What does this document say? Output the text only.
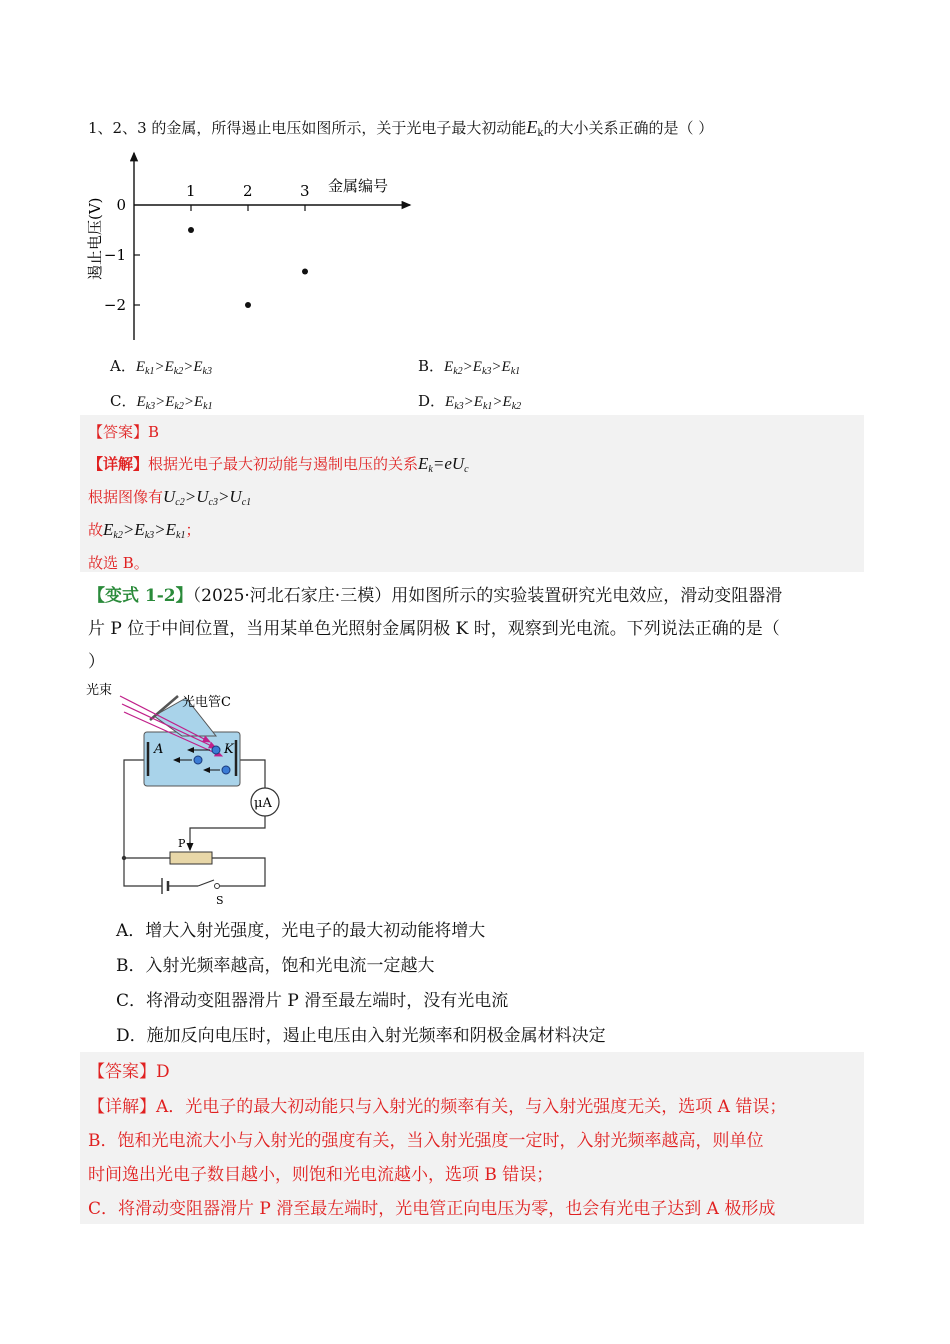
1、2、3 的金属，所得遏止电压如图所示，关于光电子最大初动能$E_k$的大小关系正确的是（ ）
1	2	3
0
−1
−2
金属编号
遏止电压(V)
A．$E_{k1}>E_{k2}>E_{k3}$	B．$E_{k2}>E_{k3}>E_{k1}$
C．$E_{k3}>E_{k2}>E_{k1}$	D．$E_{k3}>E_{k1}>E_{k2}$
【答案】B
【详解】根据光电子最大初动能与遏制电压的关系$E_k=eU_c$
根据图像有$U_{c2}>U_{c3}>U_{c1}$
故$E_{k2}>E_{k3}>E_{k1}$；
故选 B。
【变式 1-2】（2025·河北石家庄·三模）用如图所示的实验装置研究光电效应，滑动变阻器滑
片 P 位于中间位置，当用某单色光照射金属阴极 K 时，观察到光电流。下列说法正确的是（
）
A	K
μA
P
S
光束
光电管C
A．增大入射光强度，光电子的最大初动能将增大
B．入射光频率越高，饱和光电流一定越大
C．将滑动变阻器滑片 P 滑至最左端时，没有光电流
D．施加反向电压时，遏止电压由入射光频率和阴极金属材料决定
【答案】D
【详解】A．光电子的最大初动能只与入射光的频率有关，与入射光强度无关，选项 A 错误；
B．饱和光电流大小与入射光的强度有关，当入射光强度一定时，入射光频率越高，则单位
时间逸出光电子数目越小，则饱和光电流越小，选项 B 错误；
C．将滑动变阻器滑片 P 滑至最左端时，光电管正向电压为零，也会有光电子达到 A 极形成
